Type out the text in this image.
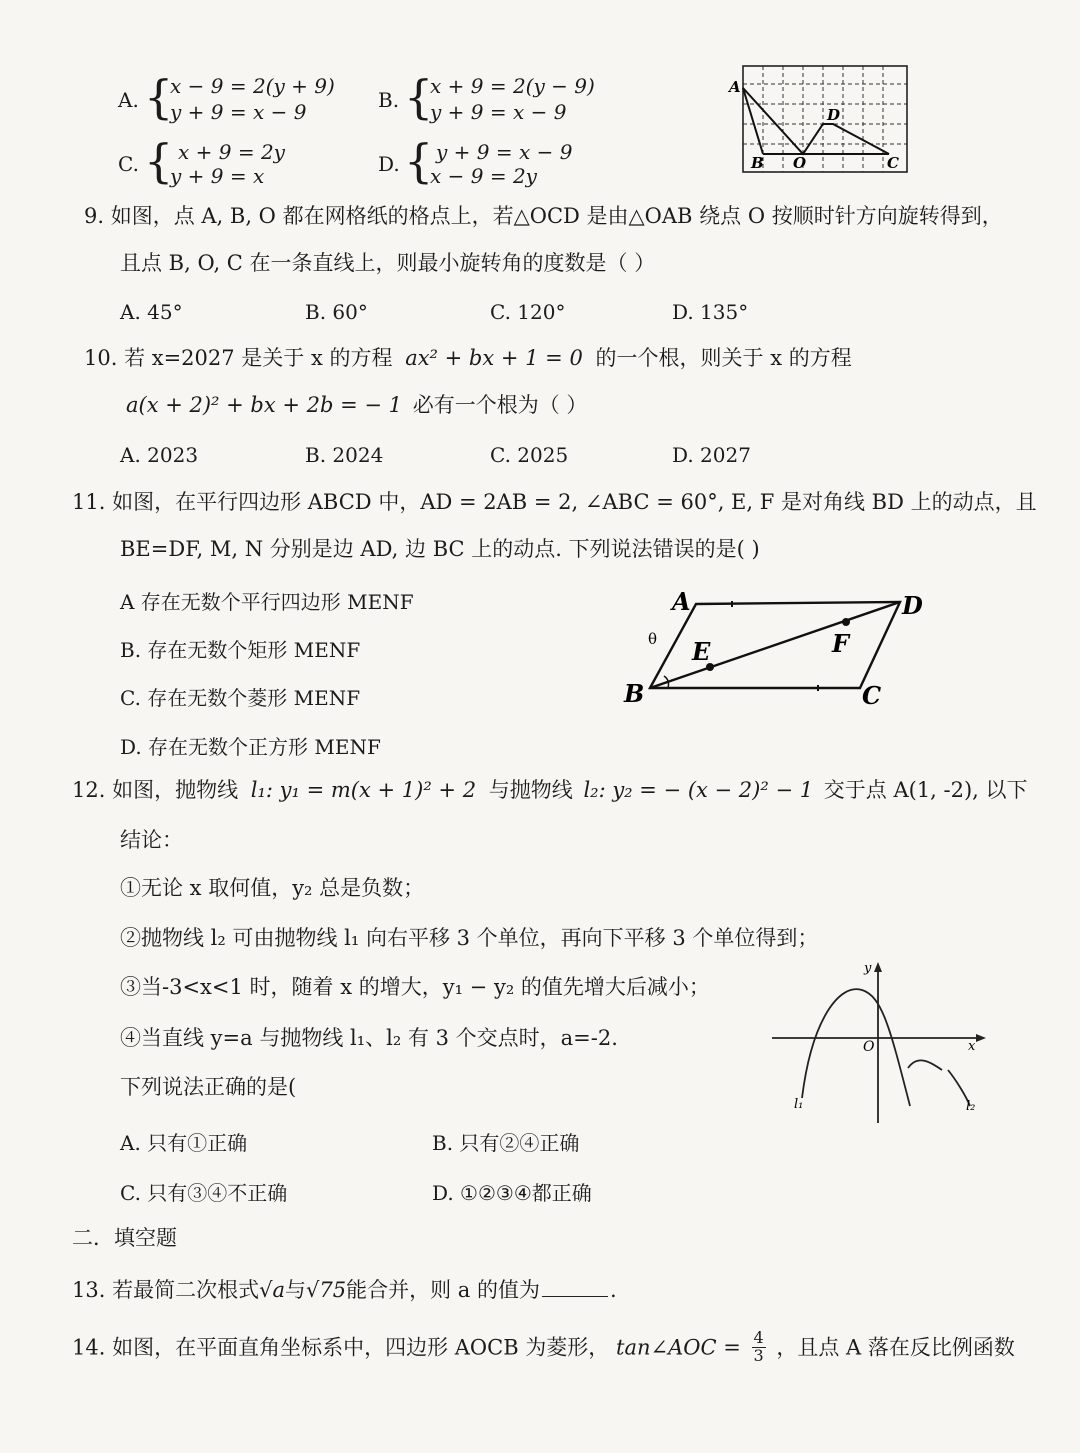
A. {
x − 9 = 2(y + 9)
y + 9 = x − 9	B. {
x + 9 = 2(y − 9)
y + 9 = x − 9
C. { x + 9 = 2y
y + 9 = x	D. { y + 9 = x − 9
x − 9 = 2y
A
B O	C
D
9. 如图，点 A, B, O 都在网格纸的格点上，若△OCD 是由△OAB 绕点 O 按顺时针方向旋转得到，
且点 B, O, C 在一条直线上，则最小旋转角的度数是（ ）
A. 45°	B. 60°	C. 120°	D. 135°
10. 若 x=2027 是关于 x 的方程 ax² + bx + 1 = 0 的一个根，则关于 x 的方程
a(x + 2)² + bx + 2b = − 1 必有一个根为（ ）
A. 2023	B. 2024	C. 2025	D. 2027
11. 如图，在平行四边形 ABCD 中，AD = 2AB = 2, ∠ABC = 60°, E, F 是对角线 BD 上的动点，且
BE=DF, M, N 分别是边 AD, 边 BC 上的动点. 下列说法错误的是( )
A 存在无数个平行四边形 MENF
B. 存在无数个矩形 MENF
C. 存在无数个菱形 MENF
D. 存在无数个正方形 MENF
A
B	C
D
E	F
θ
12. 如图，抛物线 l₁: y₁ = m(x + 1)² + 2 与抛物线 l₂: y₂ = − (x − 2)² − 1 交于点 A(1, -2), 以下
结论：
①无论 x 取何值，y₂ 总是负数；
②抛物线 l₂ 可由抛物线 l₁ 向右平移 3 个单位，再向下平移 3 个单位得到；
③当-3<x<1 时，随着 x 的增大，y₁ − y₂ 的值先增大后减小；
④当直线 y=a 与抛物线 l₁、l₂ 有 3 个交点时，a=-2.
下列说法正确的是(
A. 只有①正确	B. 只有②④正确
C. 只有③④不正确	D. ①②③④都正确
y
x
O
l₁	l₂
二．填空题
13. 若最简二次根式√a与√75能合并，则 a 的值为	.
14. 如图，在平面直角坐标系中，四边形 AOCB 为菱形， tan∠AOC = $\frac{4}{3}$ ，且点 A 落在反比例函数
